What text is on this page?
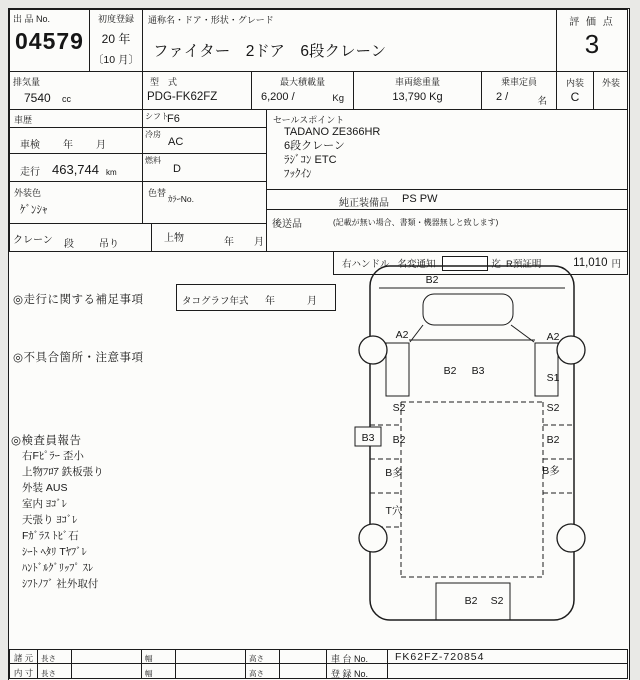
出 品 No.
04579
初度登録
20 年
〔10 月〕
通称名・ドア・形状・グレード
ファイター　2ドア　6段クレーン
評 価 点
3
排気量
7540 cc
型　式
PDG-FK62FZ
最大積載量
6,200 /	Kg
車両総重量
13,790 Kg
乗車定員
2 /	名
内装	外装
C
車歴	シフト
F6
車検 年 月
冷房
AC
走行 463,744 km
燃料
D
外装色
ｹﾞﾝｼｬ
色替
ｶﾗｰNo.
クレーン 段	吊り
上物	年 月
セールスポイント
TADANO ZE366HR
6段クレーン
ﾗｼﾞｺﾝ ETC
ﾌｯｸｲﾝ
純正装備品 PS PW
後送品	(記載が無い場合、書類・機器無しと致します)
右ハンドル 名変通知	迄 R預証明	11,010 円
◎走行に関する補足事項	タコグラフ年式 年	月
◎不具合箇所・注意事項
◎検査員報告
右Fﾋﾟﾗｰ 歪小
上物ﾌﾛｱ 鉄板張り
外装 AUS
室内 ﾖｺﾞﾚ
天張り ﾖｺﾞﾚ
Fｶﾞﾗｽ ﾄﾋﾞ石
ｼｰﾄ ﾍﾀﾘ Tﾔﾌﾞﾚ
ﾊﾝﾄﾞﾙｸﾞﾘｯﾌﾟ ｽﾚ
ｼﾌﾄﾉﾌﾞ 社外取付
B2
A2	A2
B2 B3
S1
S2	S2
B3 B2	B2
B多	B多
T穴
B2 S2
諸 元	長さ	幅	高さ	車 台 No.	FK62FZ-720854
内 寸	長さ	幅	高さ	登 録 No.
